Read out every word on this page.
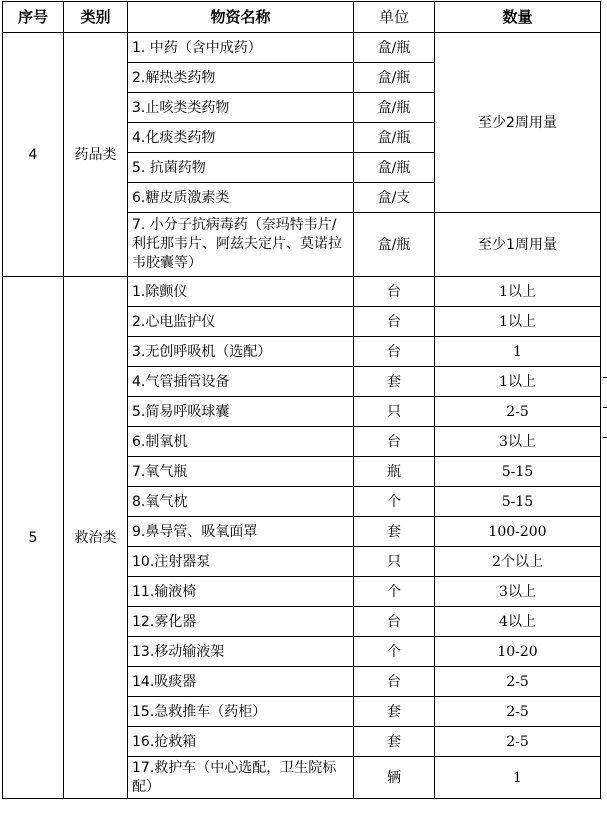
序号	类别	物资名称	单位	数量
4	药品类	1. 中药（含中成药）	盒/瓶	至少2周用量
		2.解热类药物	盒/瓶	
		3.止咳类类药物	盒/瓶	
		4.化痰类药物	盒/瓶	
		5. 抗菌药物	盒/瓶	
		6.糖皮质激素类	盒/支	
		7. 小分子抗病毒药（奈玛特韦片/利托那韦片、阿兹夫定片、莫诺拉韦胶囊等）	盒/瓶	至少1周用量
5	救治类	1.除颤仪	台	1以上
		2.心电监护仪	台	1以上
		3.无创呼吸机（选配）	台	1
		4.气管插管设备	套	1以上
		5.简易呼吸球囊	只	2-5
		6.制氧机	台	3以上
		7.氧气瓶	瓶	5-15
		8.氧气枕	个	5-15
		9.鼻导管、吸氧面罩	套	100-200
		10.注射器泵	只	2个以上
		11.输液椅	个	3以上
		12.雾化器	台	4以上
		13.移动输液架	个	10-20
		14.吸痰器	台	2-5
		15.急救推车（药柜）	套	2-5
		16.抢救箱	套	2-5
		17.救护车（中心选配，卫生院标配）	辆	1
